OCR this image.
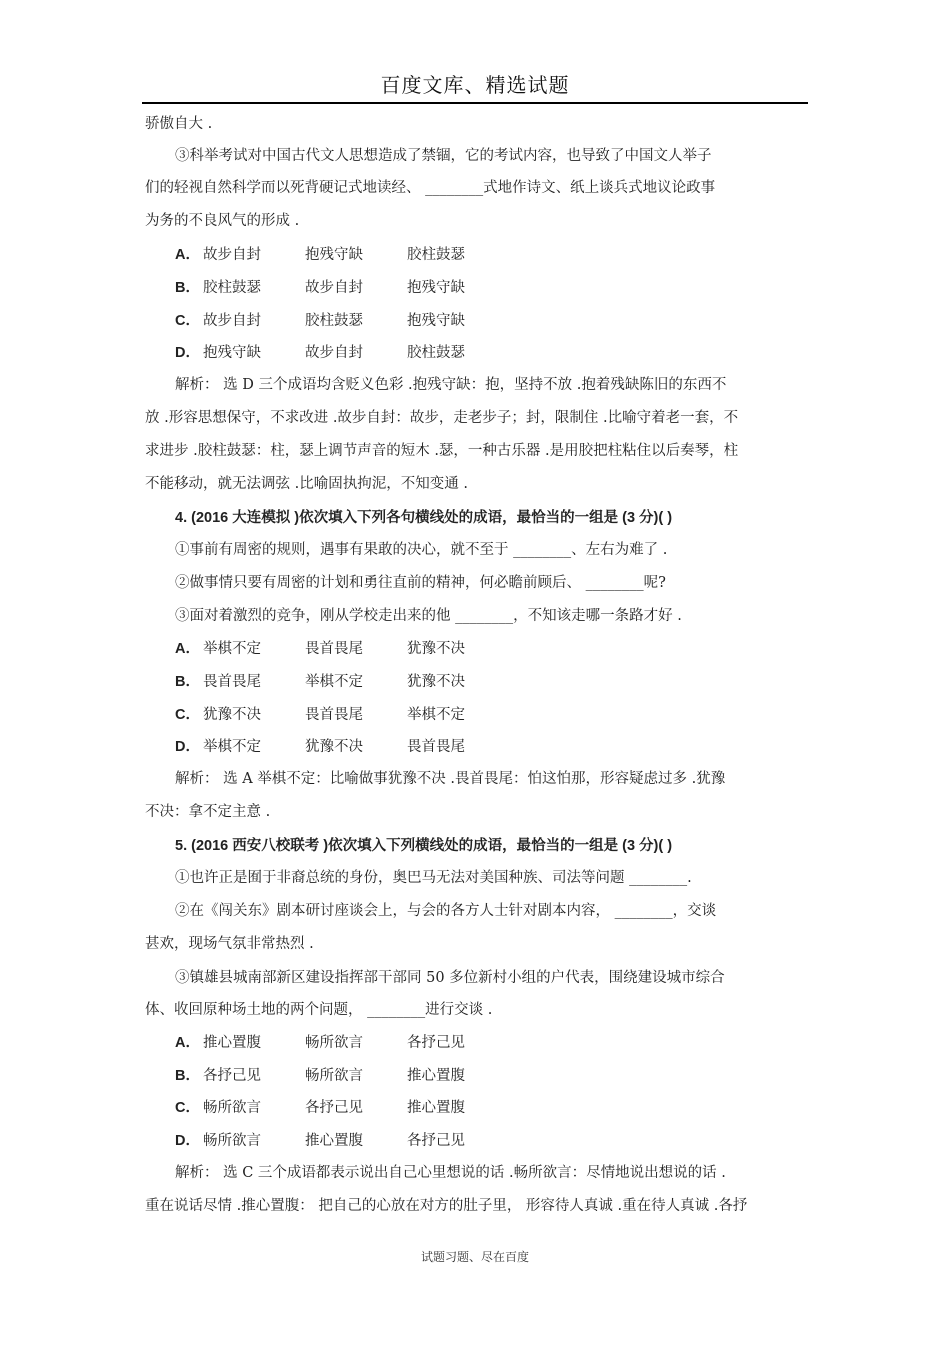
百度文库、精选试题

骄傲自大 .

③科举考试对中国古代文人思想造成了禁锢，它的考试内容，也导致了中国文人举子

们的轻视自然科学而以死背硬记式地读经、 ________式地作诗文、纸上谈兵式地议论政事

为务的不良风气的形成 .

A． 故步自封	抱残守缺	胶柱鼓瑟
B． 胶柱鼓瑟	故步自封	抱残守缺
C． 故步自封	胶柱鼓瑟	抱残守缺
D． 抱残守缺	故步自封	胶柱鼓瑟

解析： 选 D 三个成语均含贬义色彩 .抱残守缺：抱，坚持不放 .抱着残缺陈旧的东西不

放 .形容思想保守，不求改进 .故步自封：故步，走老步子；封，限制住 .比喻守着老一套，不

求进步 .胶柱鼓瑟：柱，瑟上调节声音的短木 .瑟，一种古乐器 .是用胶把柱粘住以后奏琴，柱

不能移动，就无法调弦 .比喻固执拘泥，不知变通 .

4. (2016 大连模拟 )依次填入下列各句横线处的成语，最恰当的一组是 (3 分)( )

①事前有周密的规则，遇事有果敢的决心，就不至于 ________、左右为难了 .

②做事情只要有周密的计划和勇往直前的精神，何必瞻前顾后、 ________呢?

③面对着激烈的竞争，刚从学校走出来的他 ________，不知该走哪一条路才好 .

A． 举棋不定	畏首畏尾	犹豫不决
B． 畏首畏尾	举棋不定	犹豫不决
C． 犹豫不决	畏首畏尾	举棋不定
D． 举棋不定	犹豫不决	畏首畏尾

解析： 选 A 举棋不定：比喻做事犹豫不决 .畏首畏尾：怕这怕那，形容疑虑过多 .犹豫

不决：拿不定主意 .

5. (2016 西安八校联考 )依次填入下列横线处的成语，最恰当的一组是 (3 分)( )

①也许正是囿于非裔总统的身份，奥巴马无法对美国种族、司法等问题 ________.

②在《闯关东》剧本研讨座谈会上，与会的各方人士针对剧本内容， ________，交谈

甚欢，现场气氛非常热烈 .

③镇雄县城南部新区建设指挥部干部同 50 多位新村小组的户代表，围绕建设城市综合

体、收回原种场土地的两个问题， ________进行交谈 .

A． 推心置腹	畅所欲言	各抒己见
B． 各抒己见	畅所欲言	推心置腹
C． 畅所欲言	各抒己见	推心置腹
D． 畅所欲言	推心置腹	各抒己见

解析： 选 C 三个成语都表示说出自己心里想说的话 .畅所欲言：尽情地说出想说的话 .

重在说话尽情 .推心置腹： 把自己的心放在对方的肚子里， 形容待人真诚 .重在待人真诚 .各抒

试题习题、尽在百度
